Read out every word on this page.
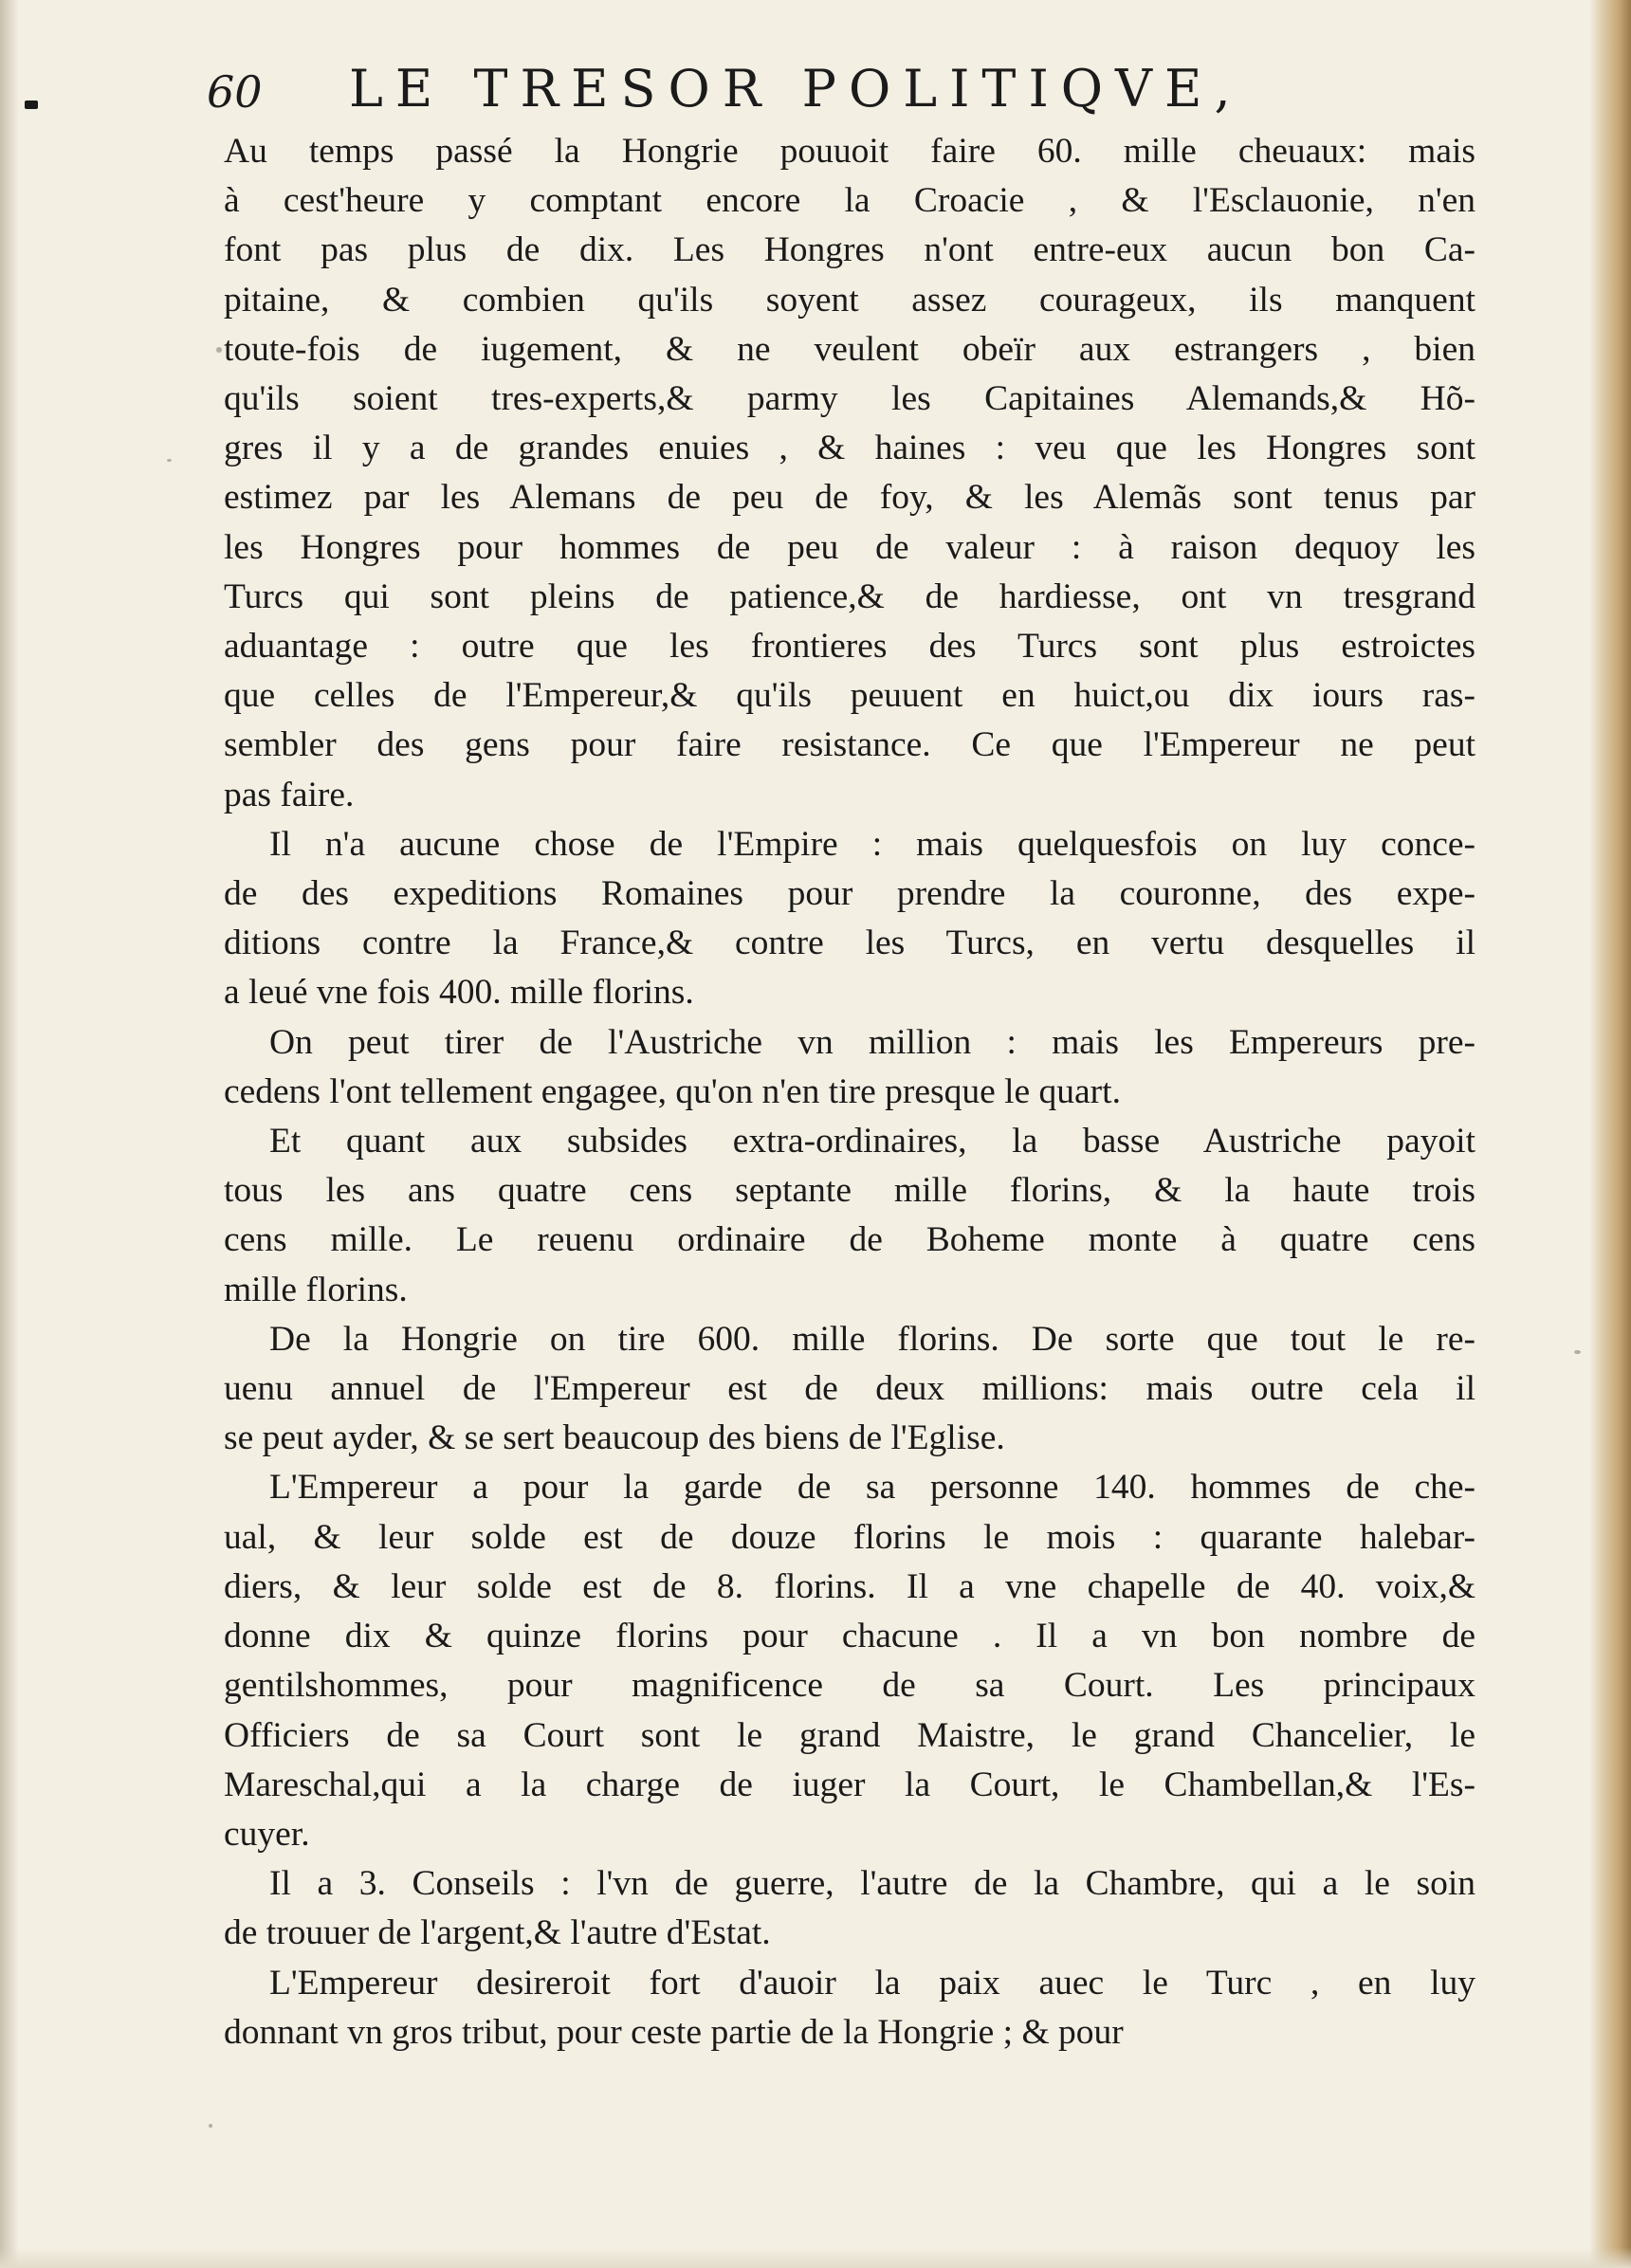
60 LE TRESOR POLITIQVE,

Au temps passé la Hongrie pouuoit faire 60. mille cheuaux: mais
à cest'heure y comptant encore la Croacie , & l'Esclauonie, n'en
font pas plus de dix. Les Hongres n'ont entre-eux aucun bon Ca-
pitaine, & combien qu'ils soyent assez courageux, ils manquent
toute-fois de iugement, & ne veulent obeïr aux estrangers , bien
qu'ils soient tres-experts,& parmy les Capitaines Alemands,& Hõ-
gres il y a de grandes enuies , & haines : veu que les Hongres sont
estimez par les Alemans de peu de foy, & les Alemãs sont tenus par
les Hongres pour hommes de peu de valeur : à raison dequoy les
Turcs qui sont pleins de patience,& de hardiesse, ont vn tresgrand
aduantage : outre que les frontieres des Turcs sont plus estroictes
que celles de l'Empereur,& qu'ils peuuent en huict,ou dix iours ras-
sembler des gens pour faire resistance. Ce que l'Empereur ne peut
pas faire.

Il n'a aucune chose de l'Empire : mais quelquesfois on luy conce-
de des expeditions Romaines pour prendre la couronne, des expe-
ditions contre la France,& contre les Turcs, en vertu desquelles il
a leué vne fois 400. mille florins.

On peut tirer de l'Austriche vn million : mais les Empereurs pre-
cedens l'ont tellement engagee, qu'on n'en tire presque le quart.

Et quant aux subsides extra-ordinaires, la basse Austriche payoit
tous les ans quatre cens septante mille florins, & la haute trois
cens mille. Le reuenu ordinaire de Boheme monte à quatre cens
mille florins.

De la Hongrie on tire 600. mille florins. De sorte que tout le re-
uenu annuel de l'Empereur est de deux millions: mais outre cela il
se peut ayder, & se sert beaucoup des biens de l'Eglise.

L'Empereur a pour la garde de sa personne 140. hommes de che-
ual, & leur solde est de douze florins le mois : quarante halebar-
diers, & leur solde est de 8. florins. Il a vne chapelle de 40. voix,&
donne dix & quinze florins pour chacune . Il a vn bon nombre de
gentilshommes, pour magnificence de sa Court. Les principaux
Officiers de sa Court sont le grand Maistre, le grand Chancelier, le
Mareschal,qui a la charge de iuger la Court, le Chambellan,& l'Es-
cuyer.

Il a 3. Conseils : l'vn de guerre, l'autre de la Chambre, qui a le soin
de trouuer de l'argent,& l'autre d'Estat.

L'Empereur desireroit fort d'auoir la paix auec le Turc , en luy
donnant vn gros tribut, pour ceste partie de la Hongrie ; & pour
